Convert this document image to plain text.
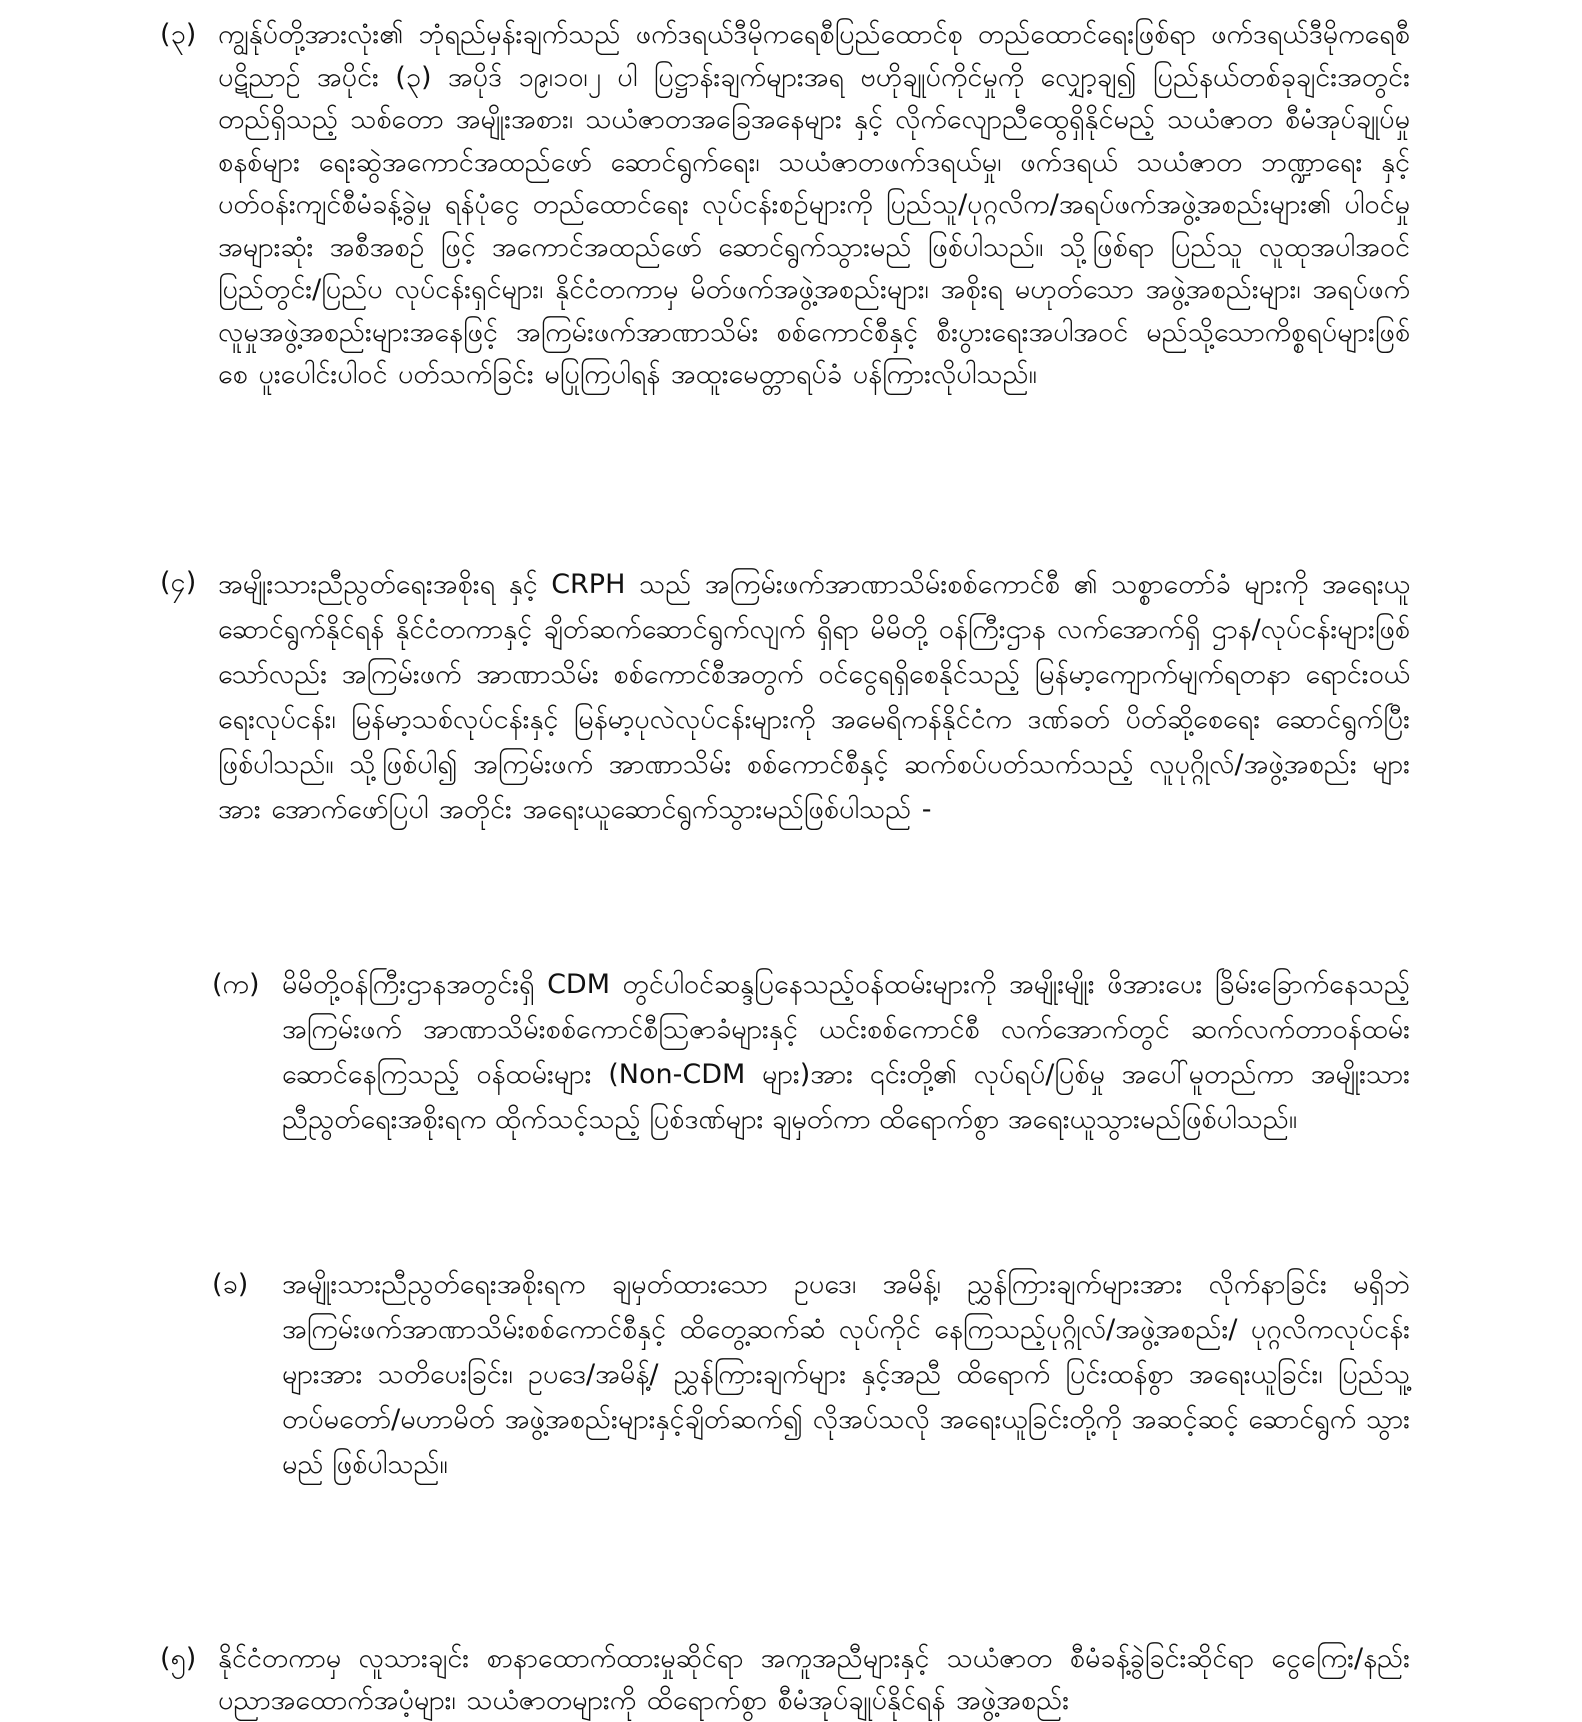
(၃) ကျွန်ုပ်တို့အားလုံး၏ ဘုံရည်မှန်းချက်သည် ဖက်ဒရယ်ဒီမိုကရေစီပြည်ထောင်စု တည်ထောင်ရေးဖြစ်ရာ ဖက်ဒရယ်ဒီမိုကရေစီပဋိညာဉ် အပိုင်း (၃) အပိုဒ် ၁၉၊၁၀၊၂ ပါ ပြဋ္ဌာန်းချက်များအရ ဗဟိုချုပ်ကိုင်မှုကို လျှော့ချ၍ ပြည်နယ်တစ်ခုချင်းအတွင်းတည်ရှိသည့် သစ်တော အမျိုးအစား၊ သယံဇာတအခြေအနေများ နှင့် လိုက်လျောညီထွေရှိနိုင်မည့် သယံဇာတ စီမံအုပ်ချုပ်မှုစနစ်များ ရေးဆွဲအကောင်အထည်ဖော် ဆောင်ရွက်ရေး၊ သယံဇာတဖက်ဒရယ်မှု၊ ဖက်ဒရယ် သယံဇာတ ဘဏ္ဍာရေး နှင့် ပတ်ဝန်းကျင်စီမံခန့်ခွဲမှု ရန်ပုံငွေ တည်ထောင်ရေး လုပ်ငန်းစဉ်များကို ပြည်သူ/ပုဂ္ဂလိက/အရပ်ဖက်အဖွဲ့အစည်းများ၏ ပါဝင်မှု အများဆုံး အစီအစဉ် ဖြင့် အကောင်အထည်ဖော် ဆောင်ရွက်သွားမည် ဖြစ်ပါသည်။ သို့ဖြစ်ရာ ပြည်သူ လူထုအပါအဝင် ပြည်တွင်း/ပြည်ပ လုပ်ငန်းရှင်များ၊ နိုင်ငံတကာမှ မိတ်ဖက်အဖွဲ့အစည်းများ၊ အစိုးရ မဟုတ်သော အဖွဲ့အစည်းများ၊ အရပ်ဖက်လူမှုအဖွဲ့အစည်းများအနေဖြင့် အကြမ်းဖက်အာဏာသိမ်း စစ်ကောင်စီနှင့် စီးပွားရေးအပါအဝင် မည်သို့သောကိစ္စရပ်များဖြစ်စေ ပူးပေါင်းပါဝင် ပတ်သက်ခြင်း မပြုကြပါရန် အထူးမေတ္တာရပ်ခံ ပန်ကြားလိုပါသည်။
(၄) အမျိုးသားညီညွတ်ရေးအစိုးရ နှင့် CRPH သည် အကြမ်းဖက်အာဏာသိမ်းစစ်ကောင်စီ ၏ သစ္စာတော်ခံ များကို အရေးယူဆောင်ရွက်နိုင်ရန် နိုင်ငံတကာနှင့် ချိတ်ဆက်ဆောင်ရွက်လျက် ရှိရာ မိမိတို့ ဝန်ကြီးဌာန လက်အောက်ရှိ ဌာန/လုပ်ငန်းများဖြစ်သော်လည်း အကြမ်းဖက် အာဏာသိမ်း စစ်ကောင်စီအတွက် ဝင်ငွေရရှိစေနိုင်သည့် မြန်မာ့ကျောက်မျက်ရတနာ ရောင်းဝယ်ရေးလုပ်ငန်း၊ မြန်မာ့သစ်လုပ်ငန်းနှင့် မြန်မာ့ပုလဲလုပ်ငန်းများကို အမေရိကန်နိုင်ငံက ဒဏ်ခတ် ပိတ်ဆို့စေရေး ဆောင်ရွက်ပြီး ဖြစ်ပါသည်။ သို့ဖြစ်ပါ၍ အကြမ်းဖက် အာဏာသိမ်း စစ်ကောင်စီနှင့် ဆက်စပ်ပတ်သက်သည့် လူပုဂ္ဂိုလ်/အဖွဲ့အစည်း များအား အောက်ဖော်ပြပါ အတိုင်း အရေးယူဆောင်ရွက်သွားမည်ဖြစ်ပါသည် -
(က) မိမိတို့ဝန်ကြီးဌာနအတွင်းရှိ CDM တွင်ပါဝင်ဆန္ဒပြနေသည့်ဝန်ထမ်းများကို အမျိုးမျိုး ဖိအားပေး ခြိမ်းခြောက်နေသည့် အကြမ်းဖက် အာဏာသိမ်းစစ်ကောင်စီသြဇာခံများနှင့် ယင်းစစ်ကောင်စီ လက်အောက်တွင် ဆက်လက်တာဝန်ထမ်းဆောင်နေကြသည့် ဝန်ထမ်းများ (Non-CDM များ)အား ၎င်းတို့၏ လုပ်ရပ်/ပြစ်မှု အပေါ်မူတည်ကာ အမျိုးသား ညီညွတ်ရေးအစိုးရက ထိုက်သင့်သည့် ပြစ်ဒဏ်များ ချမှတ်ကာ ထိရောက်စွာ အရေးယူသွားမည်ဖြစ်ပါသည်။
(ခ) အမျိုးသားညီညွတ်ရေးအစိုးရက ချမှတ်ထားသော ဥပဒေ၊ အမိန့်၊ ညွှန်ကြားချက်များအား လိုက်နာခြင်း မရှိဘဲ အကြမ်းဖက်အာဏာသိမ်းစစ်ကောင်စီနှင့် ထိတွေ့ဆက်ဆံ လုပ်ကိုင် နေကြသည့်ပုဂ္ဂိုလ်/အဖွဲ့အစည်း/ ပုဂ္ဂလိကလုပ်ငန်းများအား သတိပေးခြင်း၊ ဥပဒေ/အမိန့်/ ညွှန်ကြားချက်များ နှင့်အညီ ထိရောက် ပြင်းထန်စွာ အရေးယူခြင်း၊ ပြည်သူ့တပ်မတော်/မဟာမိတ် အဖွဲ့အစည်းများနှင့်ချိတ်ဆက်၍ လိုအပ်သလို အရေးယူခြင်းတို့ကို အဆင့်ဆင့် ဆောင်ရွက် သွားမည် ဖြစ်ပါသည်။
(၅) နိုင်ငံတကာမှ လူသားချင်း စာနာထောက်ထားမှုဆိုင်ရာ အကူအညီများနှင့် သယံဇာတ စီမံခန့်ခွဲခြင်းဆိုင်ရာ ငွေကြေး/နည်းပညာအထောက်အပံ့များ၊ သယံဇာတများကို ထိရောက်စွာ စီမံအုပ်ချုပ်နိုင်ရန် အဖွဲ့အစည်း
